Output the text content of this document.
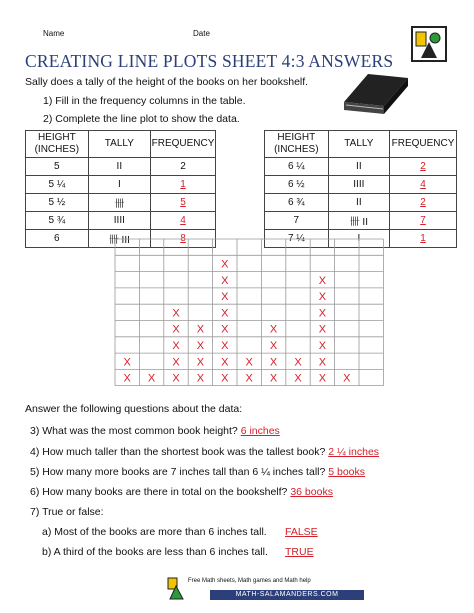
Name	Date
CREATING LINE PLOTS SHEET 4:3 ANSWERS
Sally does a tally of the height of the books on her bookshelf.
1) Fill in the frequency columns in the table.
2) Complete the line plot to show the data.
HEIGHT
(INCHES)	TALLY	FREQUENCY
5	II	2
5 ¼	I	1
5 ½	卌	5
5 ¾	IIII	4
6	卌 III	8
HEIGHT
(INCHES)	TALLY	FREQUENCY
6 ¼	II	2
6 ½	IIII	4
6 ¾	II	2
7	卌 II	7
7 ¼	I	1
X
X
X X
X
X
X
X
X
X
X
X
X
X
X
X
X
X
X
X
X
X
X
X
X
X
X
X
X
X
X
X
X
X
X
X
Answer the following questions about the data:
3) What was the most common book height? 6 inches
4) How much taller than the shortest book was the tallest book? 2 ¼ inches
5) How many more books are 7 inches tall than 6 ¼ inches tall? 5 books
6) How many books are there in total on the bookshelf? 36 books
7) True or false:
a) Most of the books are more than 6 inches tall. FALSE
b) A third of the books are less than 6 inches tall. TRUE
Free Math sheets, Math games and Math help
MATH-SALAMANDERS.COM
